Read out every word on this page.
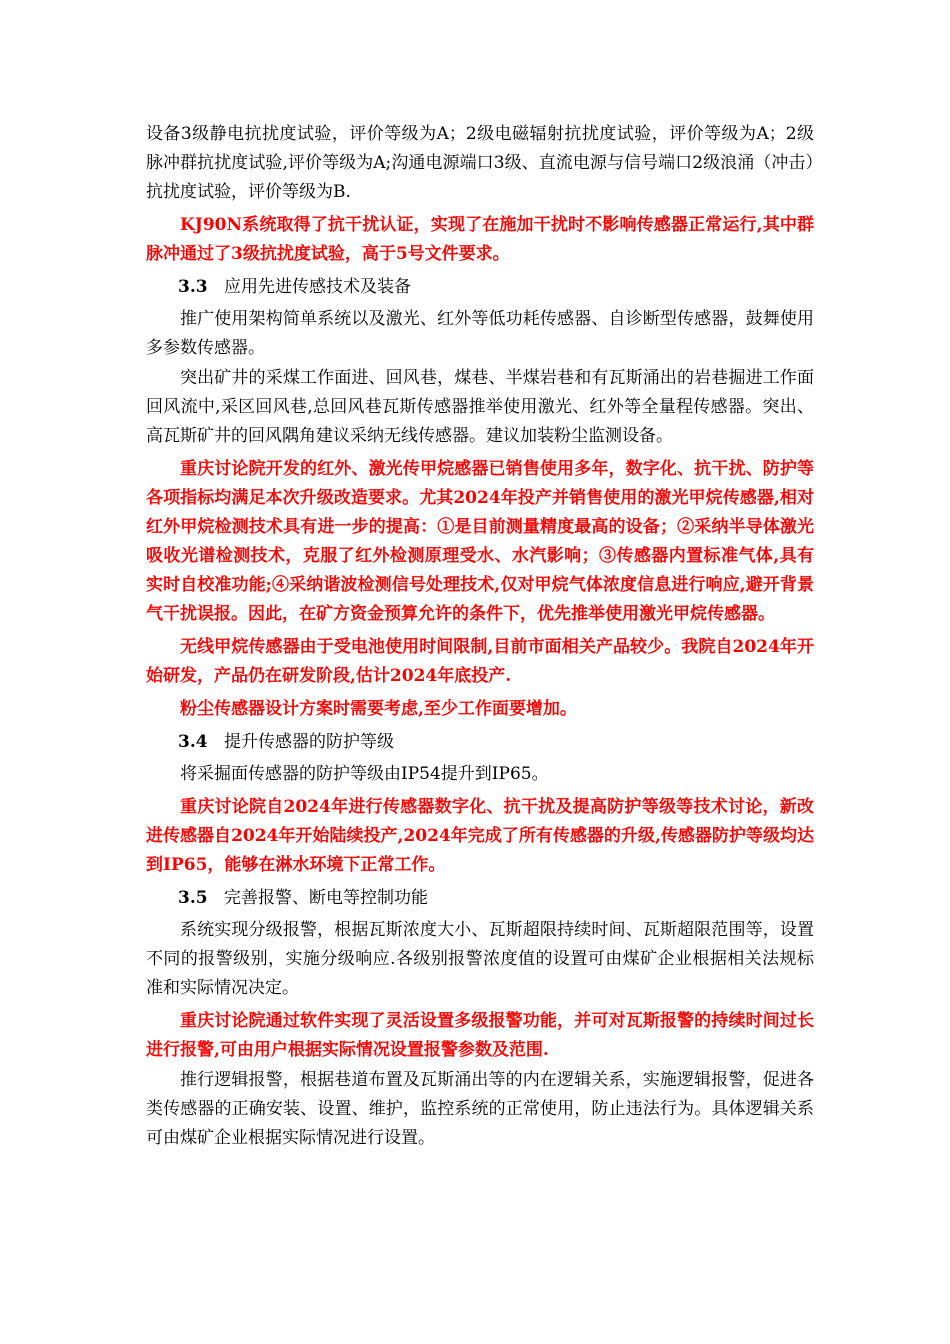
设备3级静电抗扰度试验，评价等级为A；2级电磁辐射抗扰度试验，评价等级为A；2级脉冲群抗扰度试验,评价等级为A;沟通电源端口3级、直流电源与信号端口2级浪涌（冲击）抗扰度试验，评价等级为B.

KJ90N系统取得了抗干扰认证，实现了在施加干扰时不影响传感器正常运行,其中群脉冲通过了3级抗扰度试验，高于5号文件要求。

3.3 应用先进传感技术及装备

推广使用架构简单系统以及激光、红外等低功耗传感器、自诊断型传感器，鼓舞使用多参数传感器。

突出矿井的采煤工作面进、回风巷，煤巷、半煤岩巷和有瓦斯涌出的岩巷掘进工作面回风流中,采区回风巷,总回风巷瓦斯传感器推举使用激光、红外等全量程传感器。突出、高瓦斯矿井的回风隅角建议采纳无线传感器。建议加装粉尘监测设备。

重庆讨论院开发的红外、激光传甲烷感器已销售使用多年，数字化、抗干扰、防护等各项指标均满足本次升级改造要求。尤其2024年投产并销售使用的激光甲烷传感器,相对红外甲烷检测技术具有进一步的提高：①是目前测量精度最高的设备；②采纳半导体激光吸收光谱检测技术，克服了红外检测原理受水、水汽影响；③传感器内置标准气体,具有实时自校准功能;④采纳谐波检测信号处理技术,仅对甲烷气体浓度信息进行响应,避开背景气干扰误报。因此，在矿方资金预算允许的条件下，优先推举使用激光甲烷传感器。

无线甲烷传感器由于受电池使用时间限制,目前市面相关产品较少。我院自2024年开始研发，产品仍在研发阶段,估计2024年底投产.

粉尘传感器设计方案时需要考虑,至少工作面要增加。

3.4 提升传感器的防护等级

将采掘面传感器的防护等级由IP54提升到IP65。

重庆讨论院自2024年进行传感器数字化、抗干扰及提高防护等级等技术讨论，新改进传感器自2024年开始陆续投产,2024年完成了所有传感器的升级,传感器防护等级均达到IP65，能够在淋水环境下正常工作。

3.5 完善报警、断电等控制功能

系统实现分级报警，根据瓦斯浓度大小、瓦斯超限持续时间、瓦斯超限范围等，设置不同的报警级别，实施分级响应.各级别报警浓度值的设置可由煤矿企业根据相关法规标准和实际情况决定。

重庆讨论院通过软件实现了灵活设置多级报警功能，并可对瓦斯报警的持续时间过长进行报警,可由用户根据实际情况设置报警参数及范围.

推行逻辑报警，根据巷道布置及瓦斯涌出等的内在逻辑关系，实施逻辑报警，促进各类传感器的正确安装、设置、维护，监控系统的正常使用，防止违法行为。具体逻辑关系可由煤矿企业根据实际情况进行设置。
